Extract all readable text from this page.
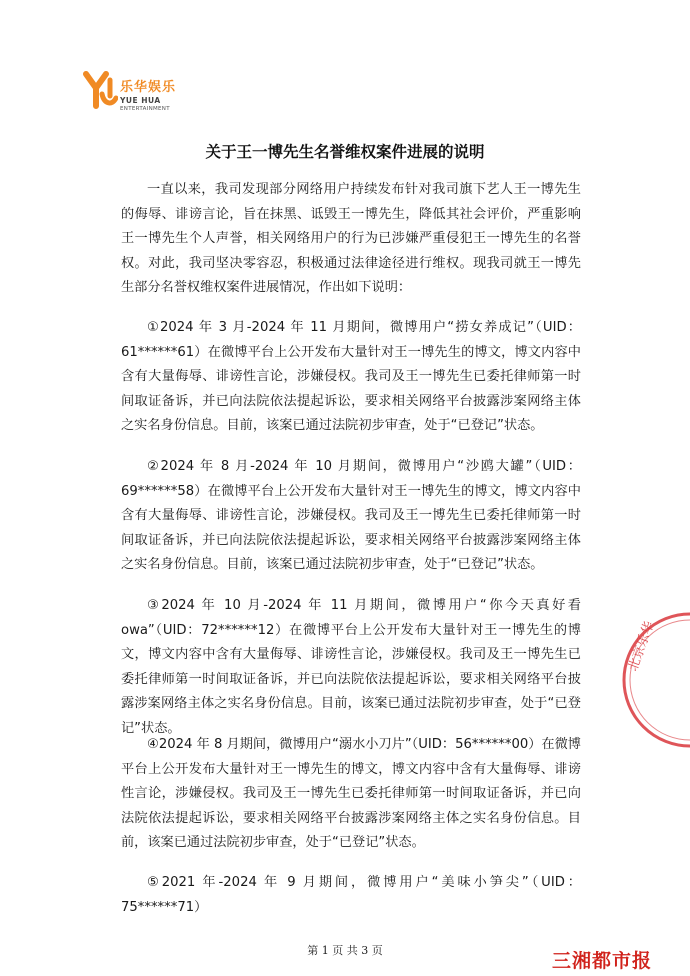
乐华娱乐
YUE HUA
ENTERTAINMENT
关于王一博先生名誉维权案件进展的说明

一直以来，我司发现部分网络用户持续发布针对我司旗下艺人王一博先生的侮辱、诽谤言论，旨在抹黑、诋毁王一博先生，降低其社会评价，严重影响王一博先生个人声誉，相关网络用户的行为已涉嫌严重侵犯王一博先生的名誉权。对此，我司坚决零容忍，积极通过法律途径进行维权。现我司就王一博先生部分名誉权维权案件进展情况，作出如下说明：

①2024 年 3 月-2024 年 11 月期间，微博用户“捞女养成记”（UID：61******61）在微博平台上公开发布大量针对王一博先生的博文，博文内容中含有大量侮辱、诽谤性言论，涉嫌侵权。我司及王一博先生已委托律师第一时间取证备诉，并已向法院依法提起诉讼，要求相关网络平台披露涉案网络主体之实名身份信息。目前，该案已通过法院初步审查，处于“已登记”状态。

②2024 年 8 月-2024 年 10 月期间，微博用户“沙鸥大罐”（UID：69******58）在微博平台上公开发布大量针对王一博先生的博文，博文内容中含有大量侮辱、诽谤性言论，涉嫌侵权。我司及王一博先生已委托律师第一时间取证备诉，并已向法院依法提起诉讼，要求相关网络平台披露涉案网络主体之实名身份信息。目前，该案已通过法院初步审查，处于“已登记”状态。

③2024 年 10 月-2024 年 11 月期间，微博用户“你今天真好看 owa”（UID：72******12）在微博平台上公开发布大量针对王一博先生的博文，博文内容中含有大量侮辱、诽谤性言论，涉嫌侵权。我司及王一博先生已委托律师第一时间取证备诉，并已向法院依法提起诉讼，要求相关网络平台披露涉案网络主体之实名身份信息。目前，该案已通过法院初步审查，处于“已登记”状态。

④2024 年 8 月期间，微博用户“溺水小刀片”（UID：56******00）在微博平台上公开发布大量针对王一博先生的博文，博文内容中含有大量侮辱、诽谤性言论，涉嫌侵权。我司及王一博先生已委托律师第一时间取证备诉，并已向法院依法提起诉讼，要求相关网络平台披露涉案网络主体之实名身份信息。目前，该案已通过法院初步审查，处于“已登记”状态。

⑤2021 年-2024 年 9 月期间，微博用户“美味小笋尖”（UID：75******71）

第 1 页 共 3 页
北京乐华
三湘都市报
